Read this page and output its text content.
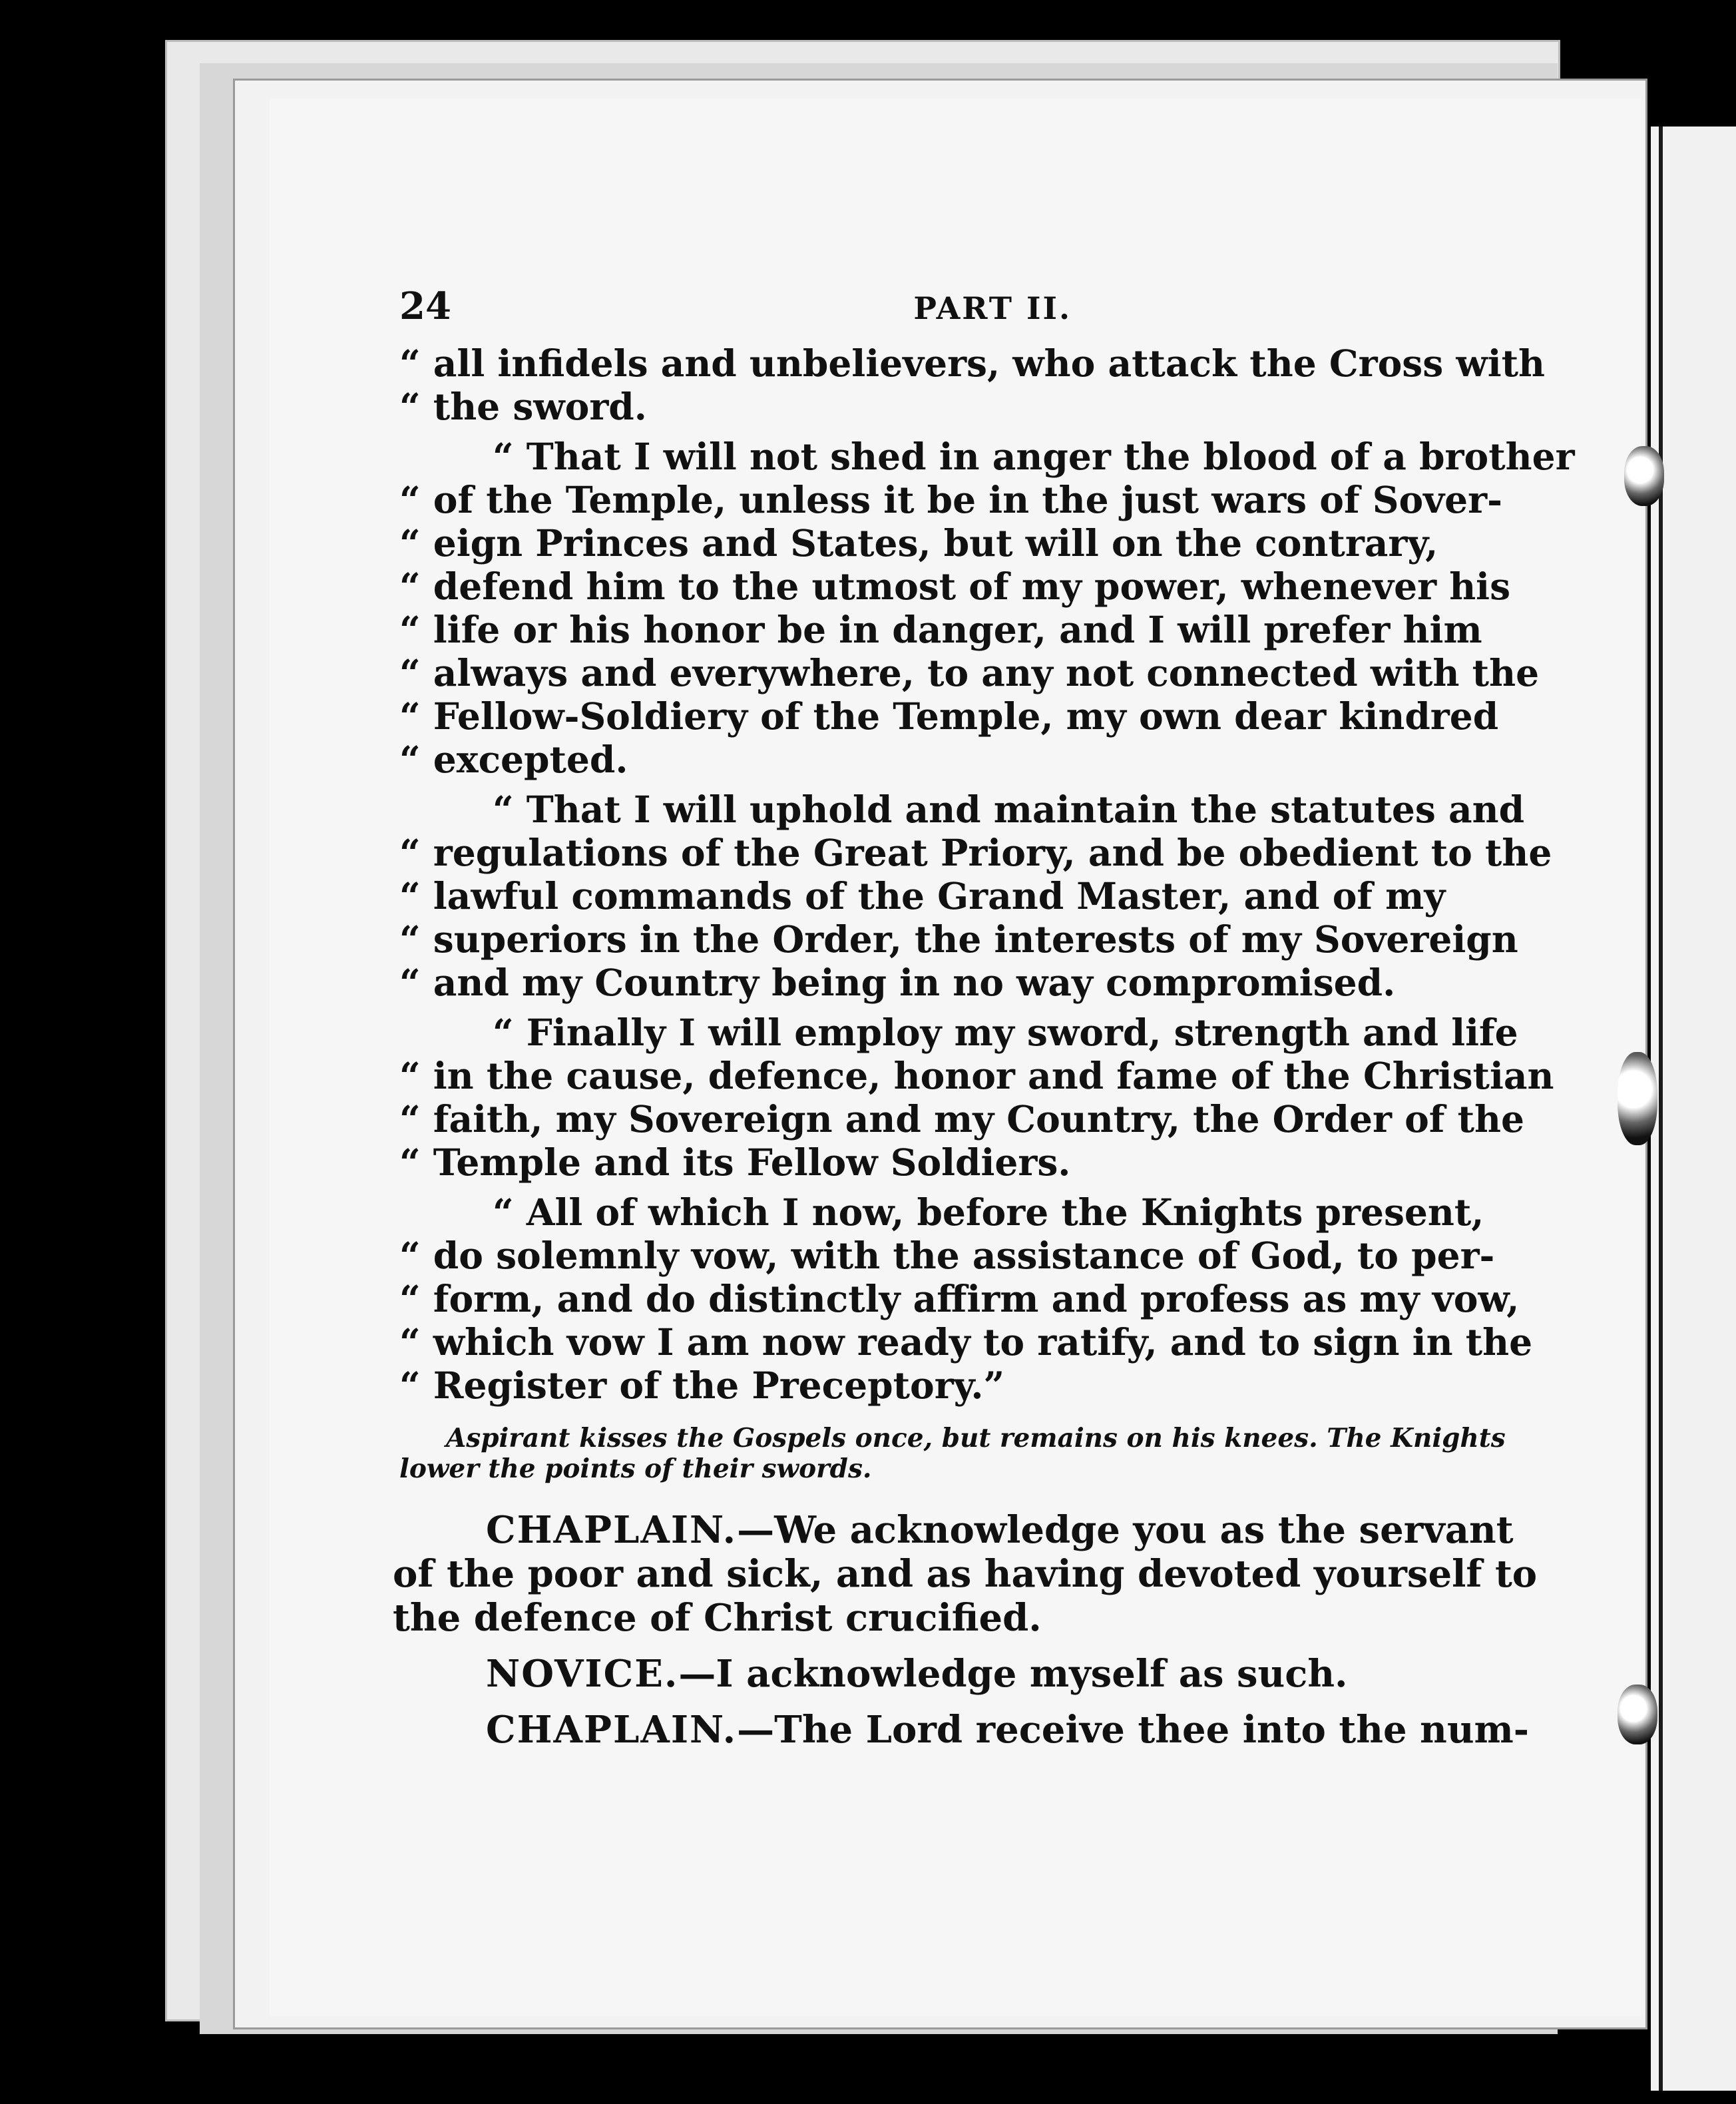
24	PART II.
“ all infidels and unbelievers, who attack the Cross with
“ the sword.
“ That I will not shed in anger the blood of a brother
“ of the Temple, unless it be in the just wars of Sover-
“ eign Princes and States, but will on the contrary,
“ defend him to the utmost of my power, whenever his
“ life or his honor be in danger, and I will prefer him
“ always and everywhere, to any not connected with the
“ Fellow-Soldiery of the Temple, my own dear kindred
“ excepted.
“ That I will uphold and maintain the statutes and
“ regulations of the Great Priory, and be obedient to the
“ lawful commands of the Grand Master, and of my
“ superiors in the Order, the interests of my Sovereign
“ and my Country being in no way compromised.
“ Finally I will employ my sword, strength and life
“ in the cause, defence, honor and fame of the Christian
“ faith, my Sovereign and my Country, the Order of the
“ Temple and its Fellow Soldiers.
“ All of which I now, before the Knights present,
“ do solemnly vow, with the assistance of God, to per-
“ form, and do distinctly affirm and profess as my vow,
“ which vow I am now ready to ratify, and to sign in the
“ Register of the Preceptory.”
Aspirant kisses the Gospels once, but remains on his knees. The Knights
lower the points of their swords.
CHAPLAIN.—We acknowledge you as the servant
of the poor and sick, and as having devoted yourself to
the defence of Christ crucified.
NOVICE.—I acknowledge myself as such.
CHAPLAIN.—The Lord receive thee into the num-
